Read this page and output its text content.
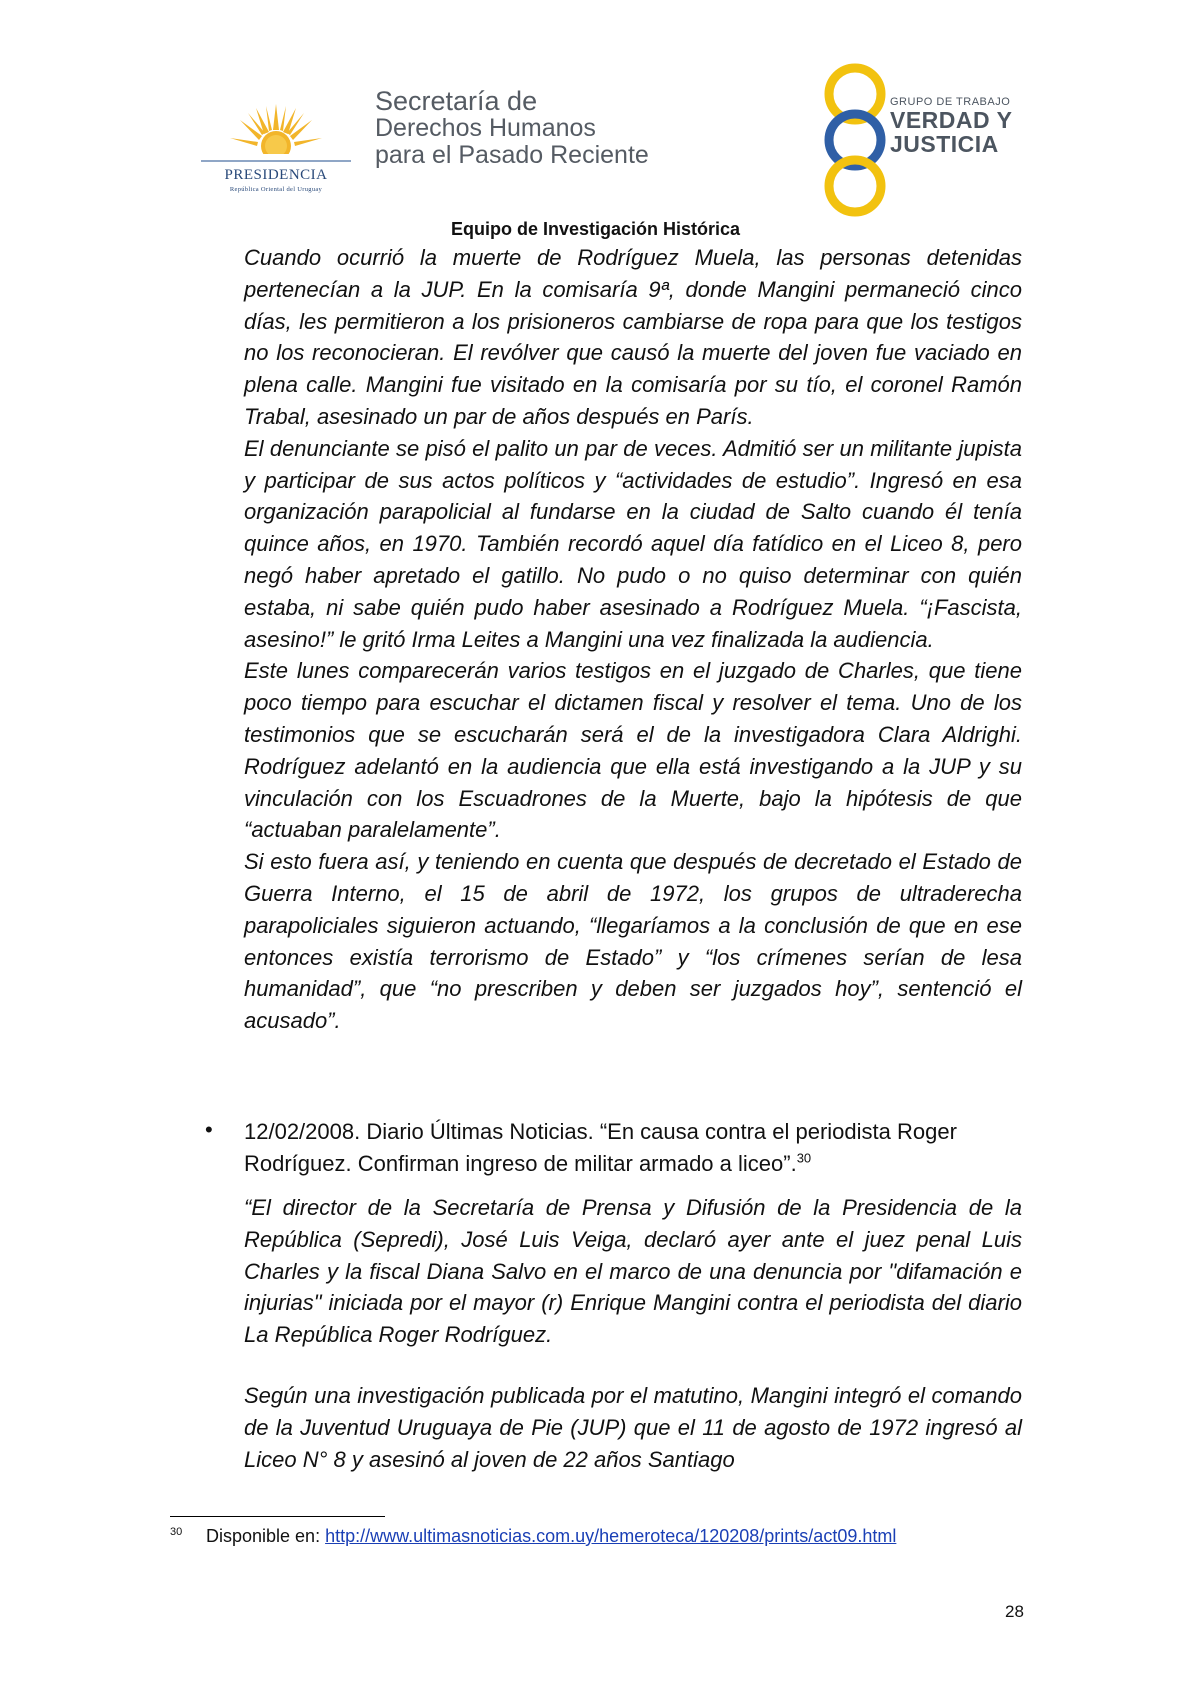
PRESIDENCIA
República Oriental del Uruguay
Secretaría de
Derechos Humanos
para el Pasado Reciente
GRUPO DE TRABAJO
VERDAD Y
JUSTICIA
Equipo de Investigación Histórica

Cuando ocurrió la muerte de Rodríguez Muela, las personas detenidas pertenecían a la JUP. En la comisaría 9ª, donde Mangini permaneció cinco días, les permitieron a los prisioneros cambiarse de ropa para que los testigos no los reconocieran. El revólver que causó la muerte del joven fue vaciado en plena calle. Mangini fue visitado en la comisaría por su tío, el coronel Ramón Trabal, asesinado un par de años después en París.

El denunciante se pisó el palito un par de veces. Admitió ser un militante jupista y participar de sus actos políticos y “actividades de estudio”. Ingresó en esa organización parapolicial al fundarse en la ciudad de Salto cuando él tenía quince años, en 1970. También recordó aquel día fatídico en el Liceo 8, pero negó haber apretado el gatillo. No pudo o no quiso determinar con quién estaba, ni sabe quién pudo haber asesinado a Rodríguez Muela. “¡Fascista, asesino!” le gritó Irma Leites a Mangini una vez finalizada la audiencia.

Este lunes comparecerán varios testigos en el juzgado de Charles, que tiene poco tiempo para escuchar el dictamen fiscal y resolver el tema. Uno de los testimonios que se escucharán será el de la investigadora Clara Aldrighi. Rodríguez adelantó en la audiencia que ella está investigando a la JUP y su vinculación con los Escuadrones de la Muerte, bajo la hipótesis de que “actuaban paralelamente”.

Si esto fuera así, y teniendo en cuenta que después de decretado el Estado de Guerra Interno, el 15 de abril de 1972, los grupos de ultraderecha parapoliciales siguieron actuando, “llegaríamos a la conclusión de que en ese entonces existía terrorismo de Estado” y “los crímenes serían de lesa humanidad”, que “no prescriben y deben ser juzgados hoy”, sentenció el acusado”.

• 12/02/2008. Diario Últimas Noticias. “En causa contra el periodista Roger Rodríguez. Confirman ingreso de militar armado a liceo”.$^{30}$

“El director de la Secretaría de Prensa y Difusión de la Presidencia de la República (Sepredi), José Luis Veiga, declaró ayer ante el juez penal Luis Charles y la fiscal Diana Salvo en el marco de una denuncia por "difamación e injurias" iniciada por el mayor (r) Enrique Mangini contra el periodista del diario La República Roger Rodríguez.

Según una investigación publicada por el matutino, Mangini integró el comando de la Juventud Uruguaya de Pie (JUP) que el 11 de agosto de 1972 ingresó al Liceo N° 8 y asesinó al joven de 22 años Santiago

30 Disponible en: http://www.ultimasnoticias.com.uy/hemeroteca/120208/prints/act09.html
28
